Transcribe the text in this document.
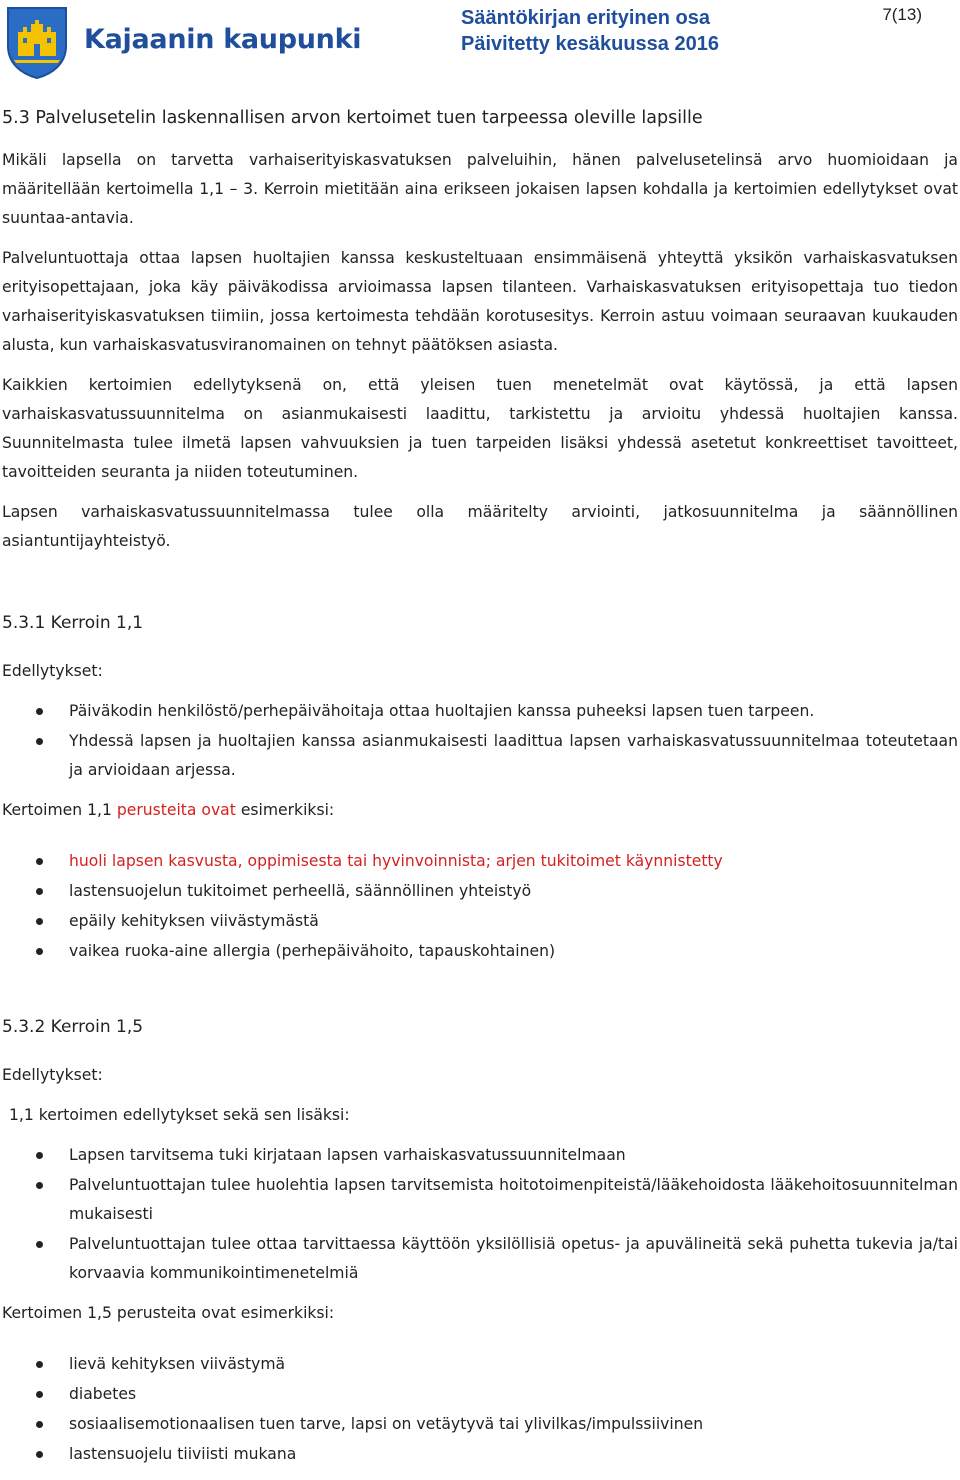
Kajaanin kaupunki
Sääntökirjan erityinen osa
Päivitetty kesäkuussa 2016
7(13)
5.3 Palvelusetelin laskennallisen arvon kertoimet tuen tarpeessa oleville lapsille

Mikäli lapsella on tarvetta varhaiserityiskasvatuksen palveluihin, hänen palvelusetelinsä arvo huomioidaan ja määritellään kertoimella 1,1 – 3. Kerroin mietitään aina erikseen jokaisen lapsen kohdalla ja kertoimien edellytykset ovat suuntaa-antavia.

Palveluntuottaja ottaa lapsen huoltajien kanssa keskusteltuaan ensimmäisenä yhteyttä yksikön varhaiskasvatuksen erityisopettajaan, joka käy päiväkodissa arvioimassa lapsen tilanteen. Varhaiskasvatuksen erityisopettaja tuo tiedon varhaiserityiskasvatuksen tiimiin, jossa kertoimesta tehdään korotusesitys. Kerroin astuu voimaan seuraavan kuukauden alusta, kun varhaiskasvatusviranomainen on tehnyt päätöksen asiasta.

Kaikkien kertoimien edellytyksenä on, että yleisen tuen menetelmät ovat käytössä, ja että lapsen varhaiskasvatussuunnitelma on asianmukaisesti laadittu, tarkistettu ja arvioitu yhdessä huoltajien kanssa. Suunnitelmasta tulee ilmetä lapsen vahvuuksien ja tuen tarpeiden lisäksi yhdessä asetetut konkreettiset tavoitteet, tavoitteiden seuranta ja niiden toteutuminen.

Lapsen varhaiskasvatussuunnitelmassa tulee olla määritelty arviointi, jatkosuunnitelma ja säännöllinen asiantuntijayhteistyö.

5.3.1 Kerroin 1,1
Edellytykset:
Päiväkodin henkilöstö/perhepäivähoitaja ottaa huoltajien kanssa puheeksi lapsen tuen tarpeen.
Yhdessä lapsen ja huoltajien kanssa asianmukaisesti laadittua lapsen varhaiskasvatussuunnitelmaa toteutetaan ja arvioidaan arjessa.
Kertoimen 1,1 perusteita ovat esimerkiksi:
huoli lapsen kasvusta, oppimisesta tai hyvinvoinnista; arjen tukitoimet käynnistetty
lastensuojelun tukitoimet perheellä, säännöllinen yhteistyö
epäily kehityksen viivästymästä
vaikea ruoka-aine allergia (perhepäivähoito, tapauskohtainen)
5.3.2 Kerroin 1,5
Edellytykset:
1,1 kertoimen edellytykset sekä sen lisäksi:
Lapsen tarvitsema tuki kirjataan lapsen varhaiskasvatussuunnitelmaan
Palveluntuottajan tulee huolehtia lapsen tarvitsemista hoitotoimenpiteistä/lääkehoidosta lääkehoitosuunnitelman mukaisesti
Palveluntuottajan tulee ottaa tarvittaessa käyttöön yksilöllisiä opetus- ja apuvälineitä sekä puhetta tukevia ja/tai korvaavia kommunikointimenetelmiä
Kertoimen 1,5 perusteita ovat esimerkiksi:
lievä kehityksen viivästymä
diabetes
sosiaalisemotionaalisen tuen tarve, lapsi on vetäytyvä tai ylivilkas/impulssiivinen
lastensuojelu tiiviisti mukana
